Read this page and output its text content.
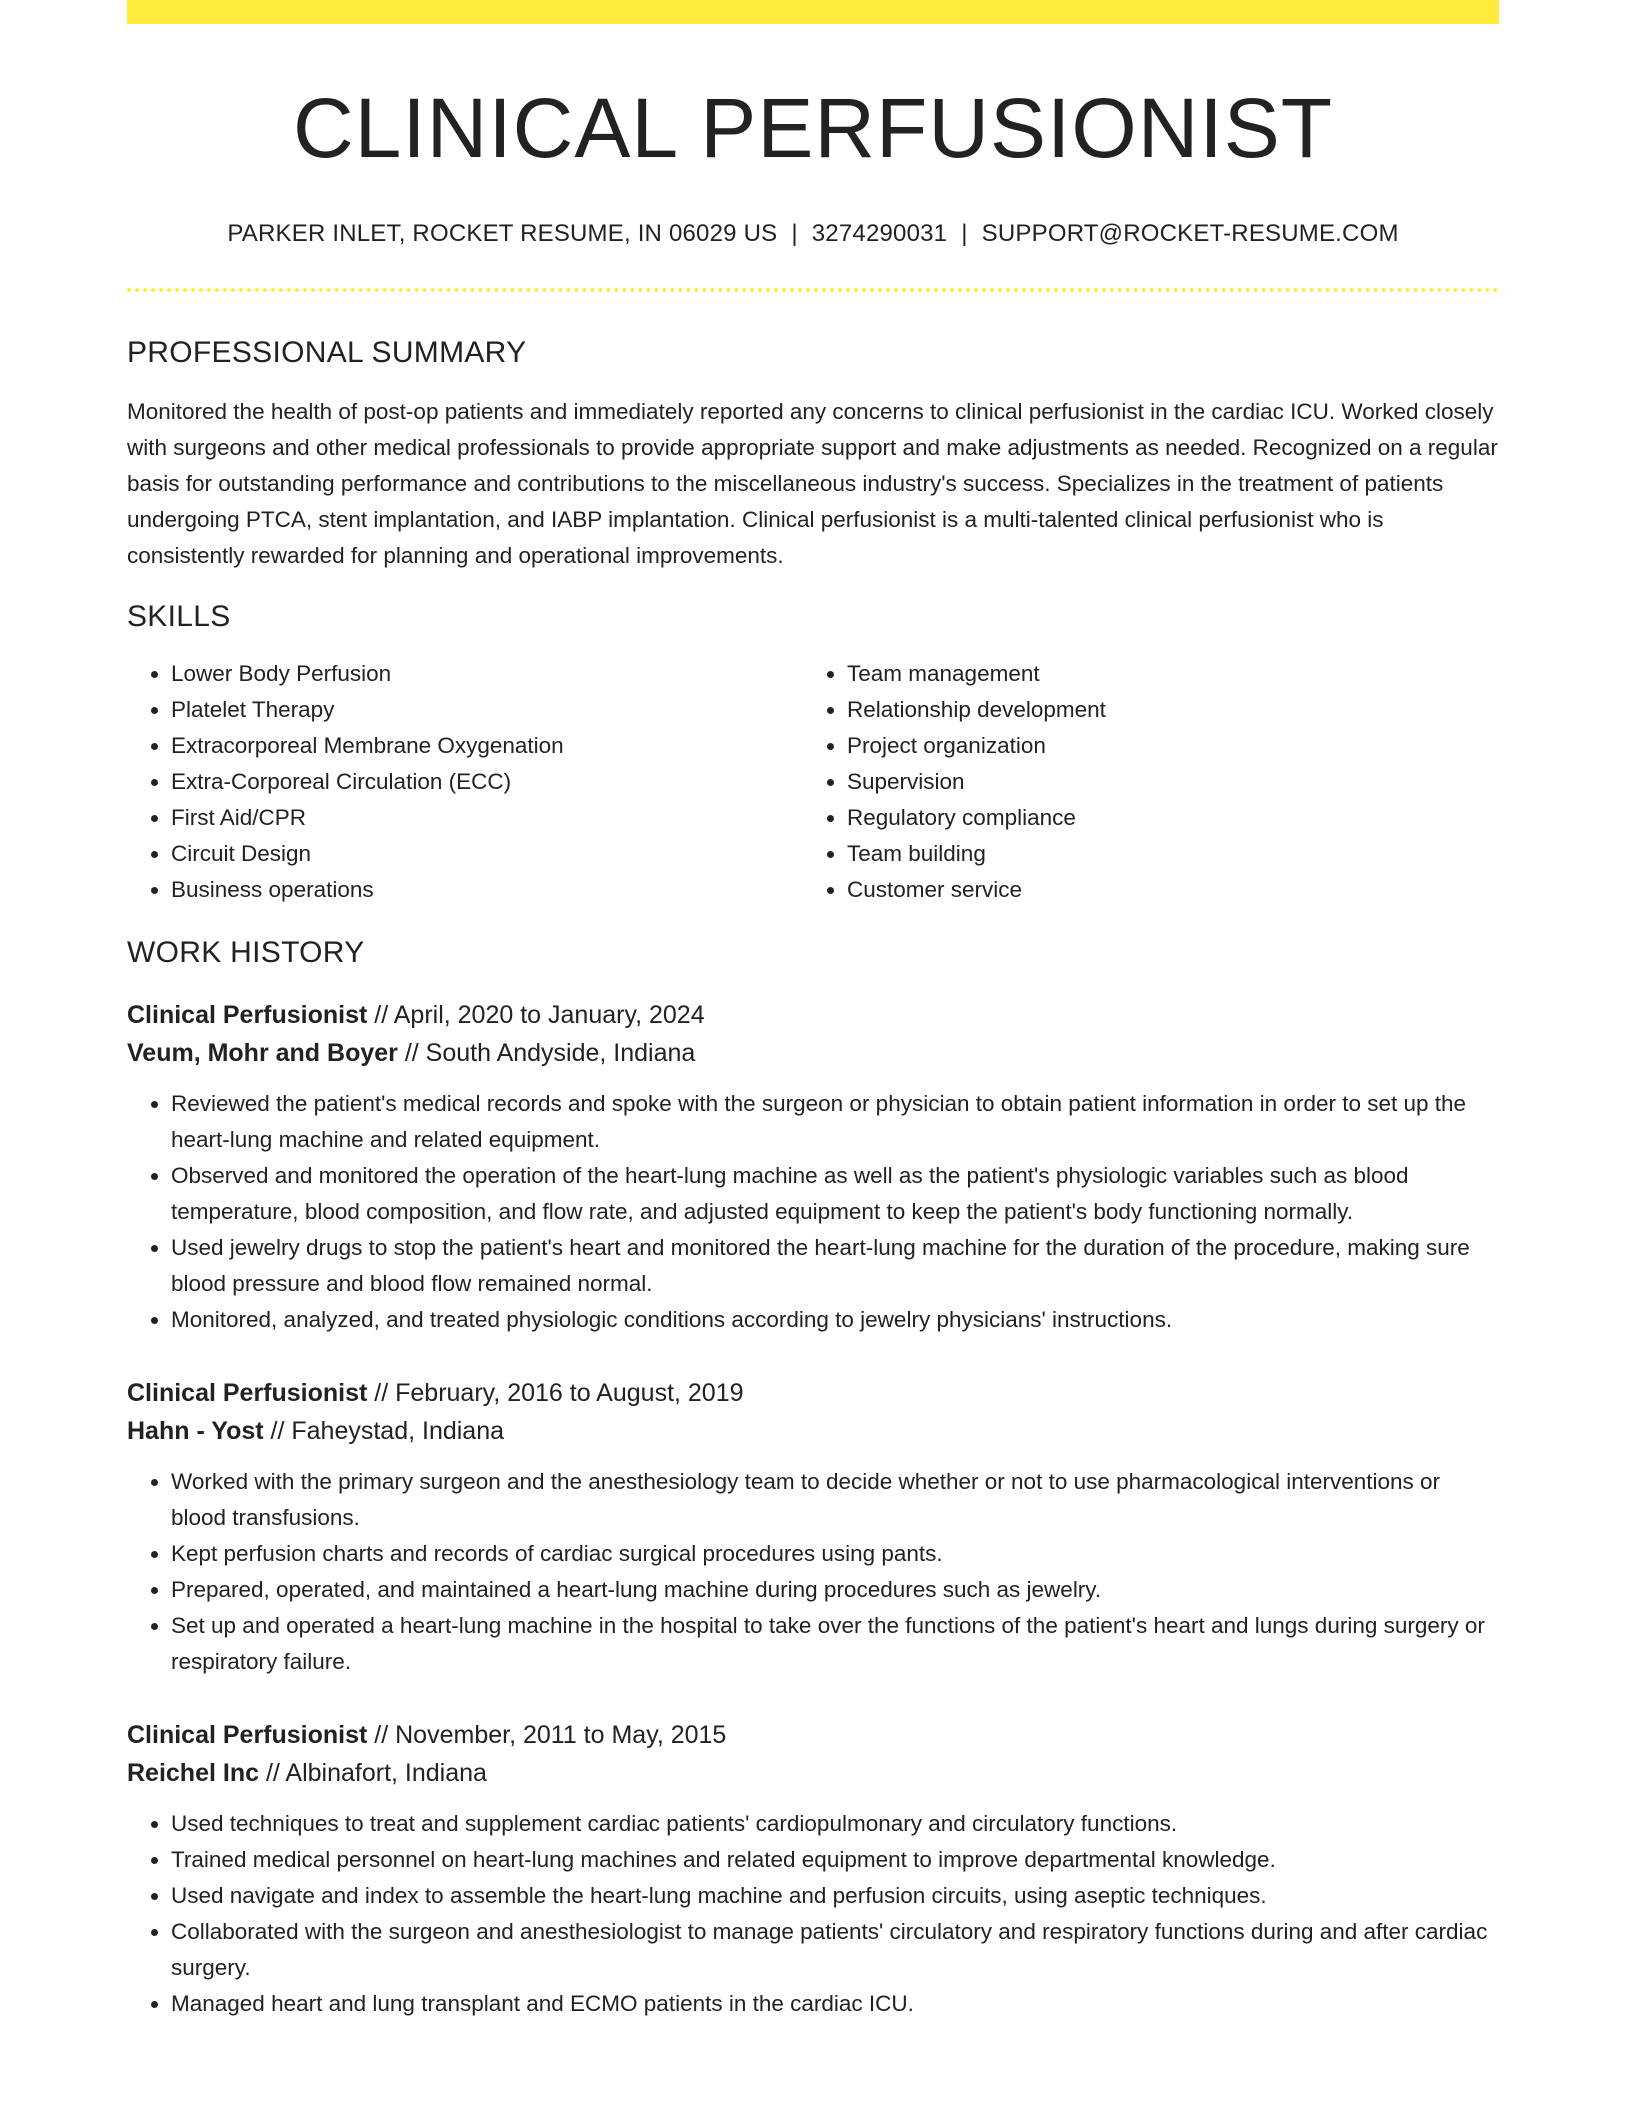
CLINICAL PERFUSIONIST
PARKER INLET, ROCKET RESUME, IN 06029 US | 3274290031 | SUPPORT@ROCKET-RESUME.COM
PROFESSIONAL SUMMARY
Monitored the health of post-op patients and immediately reported any concerns to clinical perfusionist in the cardiac ICU. Worked closely with surgeons and other medical professionals to provide appropriate support and make adjustments as needed. Recognized on a regular basis for outstanding performance and contributions to the miscellaneous industry's success. Specializes in the treatment of patients undergoing PTCA, stent implantation, and IABP implantation. Clinical perfusionist is a multi-talented clinical perfusionist who is consistently rewarded for planning and operational improvements.
SKILLS
• Lower Body Perfusion
• Platelet Therapy
• Extracorporeal Membrane Oxygenation
• Extra-Corporeal Circulation (ECC)
• First Aid/CPR
• Circuit Design
• Business operations
• Team management
• Relationship development
• Project organization
• Supervision
• Regulatory compliance
• Team building
• Customer service
WORK HISTORY
Clinical Perfusionist // April, 2020 to January, 2024
Veum, Mohr and Boyer // South Andyside, Indiana
• Reviewed the patient's medical records and spoke with the surgeon or physician to obtain patient information in order to set up the heart-lung machine and related equipment.
• Observed and monitored the operation of the heart-lung machine as well as the patient's physiologic variables such as blood temperature, blood composition, and flow rate, and adjusted equipment to keep the patient's body functioning normally.
• Used jewelry drugs to stop the patient's heart and monitored the heart-lung machine for the duration of the procedure, making sure blood pressure and blood flow remained normal.
• Monitored, analyzed, and treated physiologic conditions according to jewelry physicians' instructions.
Clinical Perfusionist // February, 2016 to August, 2019
Hahn - Yost // Faheystad, Indiana
• Worked with the primary surgeon and the anesthesiology team to decide whether or not to use pharmacological interventions or blood transfusions.
• Kept perfusion charts and records of cardiac surgical procedures using pants.
• Prepared, operated, and maintained a heart-lung machine during procedures such as jewelry.
• Set up and operated a heart-lung machine in the hospital to take over the functions of the patient's heart and lungs during surgery or respiratory failure.
Clinical Perfusionist // November, 2011 to May, 2015
Reichel Inc // Albinafort, Indiana
• Used techniques to treat and supplement cardiac patients' cardiopulmonary and circulatory functions.
• Trained medical personnel on heart-lung machines and related equipment to improve departmental knowledge.
• Used navigate and index to assemble the heart-lung machine and perfusion circuits, using aseptic techniques.
• Collaborated with the surgeon and anesthesiologist to manage patients' circulatory and respiratory functions during and after cardiac surgery.
• Managed heart and lung transplant and ECMO patients in the cardiac ICU.
